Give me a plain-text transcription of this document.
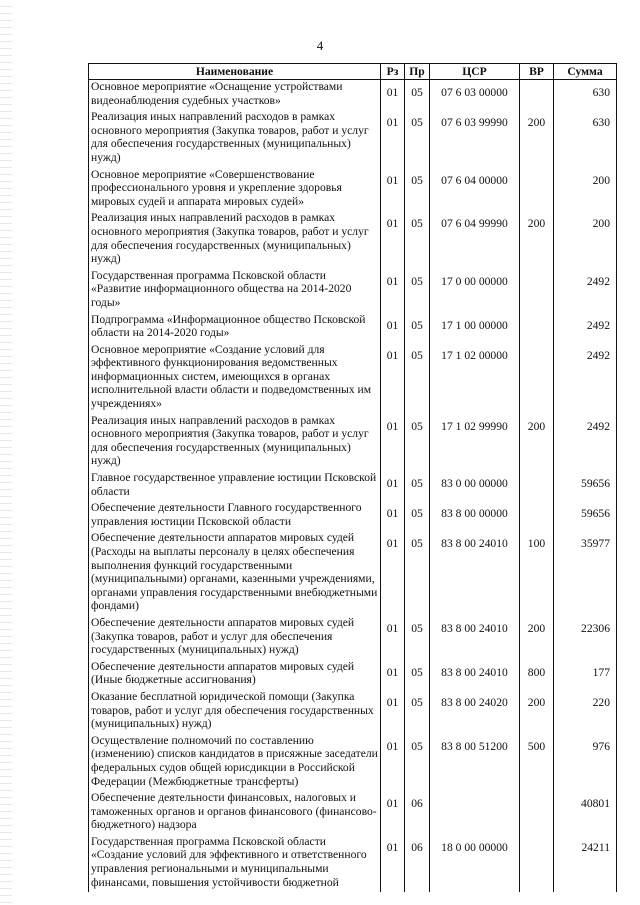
4
Наименование	Рз	Пр	ЦСР	ВР	Сумма
Основное мероприятие «Оснащение устройствами видеонаблюдения судебных участков»	01	05	07 6 03 00000		630
Реализация иных направлений расходов в рамках основного мероприятия (Закупка товаров, работ и услуг для обеспечения государственных (муниципальных) нужд)	01	05	07 6 03 99990	200	630
Основное мероприятие «Совершенствование профессионального уровня и укрепление здоровья мировых судей и аппарата мировых судей»	01	05	07 6 04 00000		200
Реализация иных направлений расходов в рамках основного мероприятия (Закупка товаров, работ и услуг для обеспечения государственных (муниципальных) нужд)	01	05	07 6 04 99990	200	200
Государственная программа Псковской области «Развитие информационного общества на 2014-2020 годы»	01	05	17 0 00 00000		2492
Подпрограмма «Информационное общество Псковской области на 2014-2020 годы»	01	05	17 1 00 00000		2492
Основное мероприятие «Создание условий для эффективного функционирования ведомственных информационных систем, имеющихся в органах исполнительной власти области и подведомственных им учреждениях»	01	05	17 1 02 00000		2492
Реализация иных направлений расходов в рамках основного мероприятия (Закупка товаров, работ и услуг для обеспечения государственных (муниципальных) нужд)	01	05	17 1 02 99990	200	2492
Главное государственное управление юстиции Псковской области	01	05	83 0 00 00000		59656
Обеспечение деятельности Главного государственного управления юстиции Псковской области	01	05	83 8 00 00000		59656
Обеспечение деятельности аппаратов мировых судей (Расходы на выплаты персоналу в целях обеспечения выполнения функций государственными (муниципальными) органами, казенными учреждениями, органами управления государственными внебюджетными фондами)	01	05	83 8 00 24010	100	35977
Обеспечение деятельности аппаратов мировых судей (Закупка товаров, работ и услуг для обеспечения государственных (муниципальных) нужд)	01	05	83 8 00 24010	200	22306
Обеспечение деятельности аппаратов мировых судей (Иные бюджетные ассигнования)	01	05	83 8 00 24010	800	177
Оказание бесплатной юридической помощи (Закупка товаров, работ и услуг для обеспечения государственных (муниципальных) нужд)	01	05	83 8 00 24020	200	220
Осуществление полномочий по составлению (изменению) списков кандидатов в присяжные заседатели федеральных судов общей юрисдикции в Российской Федерации (Межбюджетные трансферты)	01	05	83 8 00 51200	500	976
Обеспечение деятельности финансовых, налоговых и таможенных органов и органов финансового (финансово-бюджетного) надзора	01	06			40801
Государственная программа Псковской области «Создание условий для эффективного и ответственного управления региональными и муниципальными финансами, повышения устойчивости бюджетной	01	06	18 0 00 00000		24211
